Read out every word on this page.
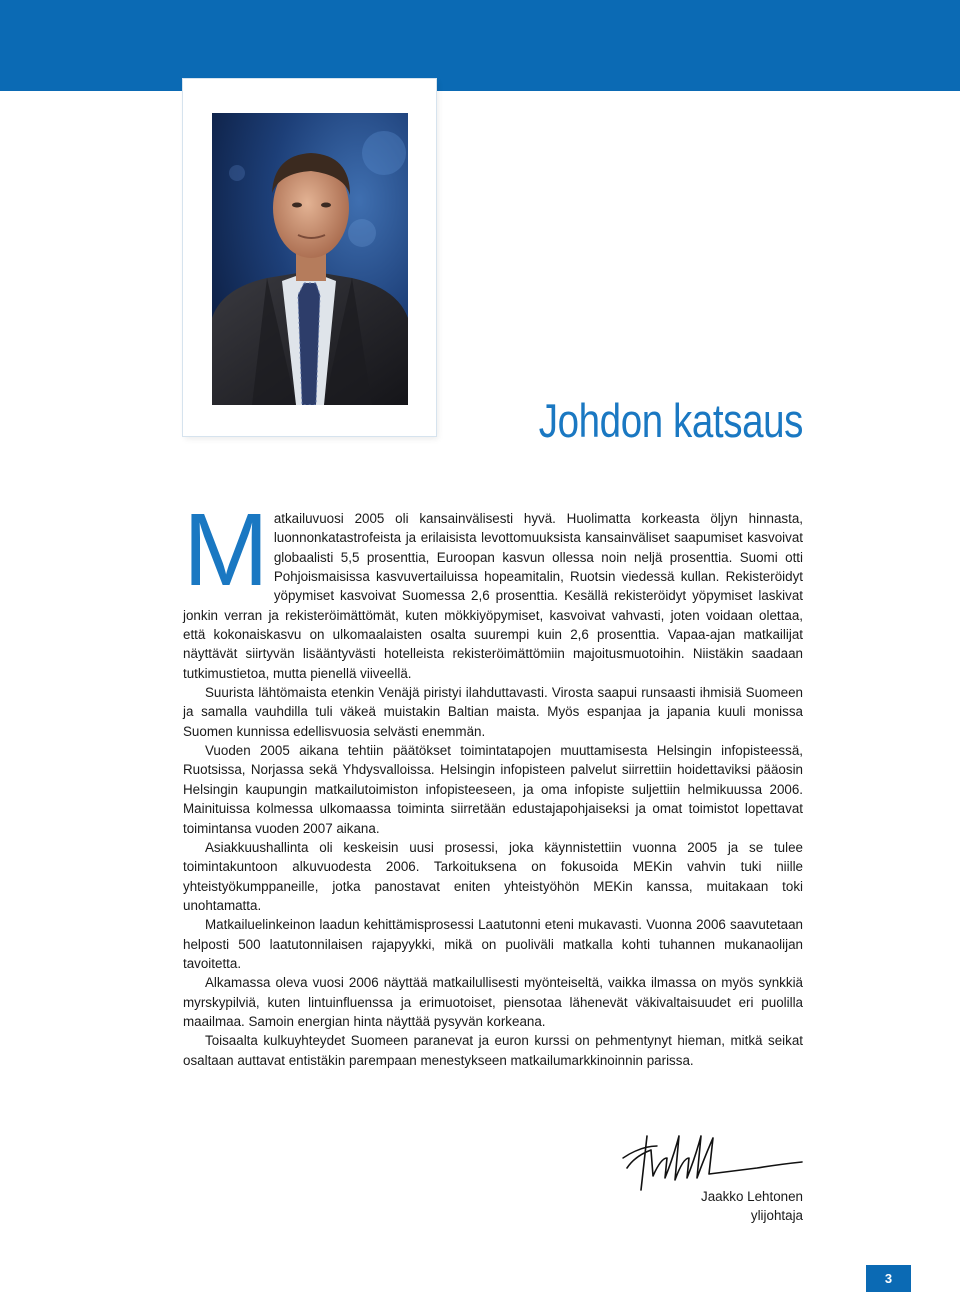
Johdon katsaus

Matkailuvuosi 2005 oli kansainvälisesti hyvä. Huolimatta korkeasta öljyn hinnasta, luonnonkatastrofeista ja erilaisista levottomuuksista kansainväliset saapumiset kasvoivat globaalisti 5,5 prosenttia, Euroopan kasvun ollessa noin neljä prosenttia. Suomi otti Pohjoismaisissa kasvuvertailuissa hopeamitalin, Ruotsin viedessä kullan. Rekisteröidyt yöpymiset kasvoivat Suomessa 2,6 prosenttia. Kesällä rekisteröidyt yöpymiset laskivat jonkin verran ja rekisteröimättömät, kuten mökkiyöpymiset, kasvoivat vahvasti, joten voidaan olettaa, että kokonaiskasvu on ulkomaalaisten osalta suurempi kuin 2,6 prosenttia. Vapaa-ajan matkailijat näyttävät siirtyvän lisääntyvästi hotelleista rekisteröimättömiin majoitusmuotoihin. Niistäkin saadaan tutkimustietoa, mutta pienellä viiveellä.

Suurista lähtömaista etenkin Venäjä piristyi ilahduttavasti. Virosta saapui runsaasti ihmisiä Suomeen ja samalla vauhdilla tuli väkeä muistakin Baltian maista. Myös espanjaa ja japania kuuli monissa Suomen kunnissa edellisvuosia selvästi enemmän.

Vuoden 2005 aikana tehtiin päätökset toimintatapojen muuttamisesta Helsingin infopisteessä, Ruotsissa, Norjassa sekä Yhdysvalloissa. Helsingin infopisteen palvelut siirrettiin hoidettaviksi pääosin Helsingin kaupungin matkailutoimiston infopisteeseen, ja oma infopiste suljettiin helmikuussa 2006. Mainituissa kolmessa ulkomaassa toiminta siirretään edustajapohjaiseksi ja omat toimistot lopettavat toimintansa vuoden 2007 aikana.

Asiakkuushallinta oli keskeisin uusi prosessi, joka käynnistettiin vuonna 2005 ja se tulee toimintakuntoon alkuvuodesta 2006. Tarkoituksena on fokusoida MEKin vahvin tuki niille yhteistyökumppaneille, jotka panostavat eniten yhteistyöhön MEKin kanssa, muitakaan toki unohtamatta.

Matkailuelinkeinon laadun kehittämisprosessi Laatutonni eteni mukavasti. Vuonna 2006 saavutetaan helposti 500 laatutonnilaisen rajapyykki, mikä on puoliväli matkalla kohti tuhannen mukanaolijan tavoitetta.

Alkamassa oleva vuosi 2006 näyttää matkailullisesti myönteiseltä, vaikka ilmassa on myös synkkiä myrskypilviä, kuten lintuinfluenssa ja erimuotoiset, piensotaa lähenevät väkivaltaisuudet eri puolilla maailmaa. Samoin energian hinta näyttää pysyvän korkeana.

Toisaalta kulkuyhteydet Suomeen paranevat ja euron kurssi on pehmentynyt hieman, mitkä seikat osaltaan auttavat entistäkin parempaan menestykseen matkailumarkkinoinnin parissa.

Jaakko Lehtonen
ylijohtaja
3
